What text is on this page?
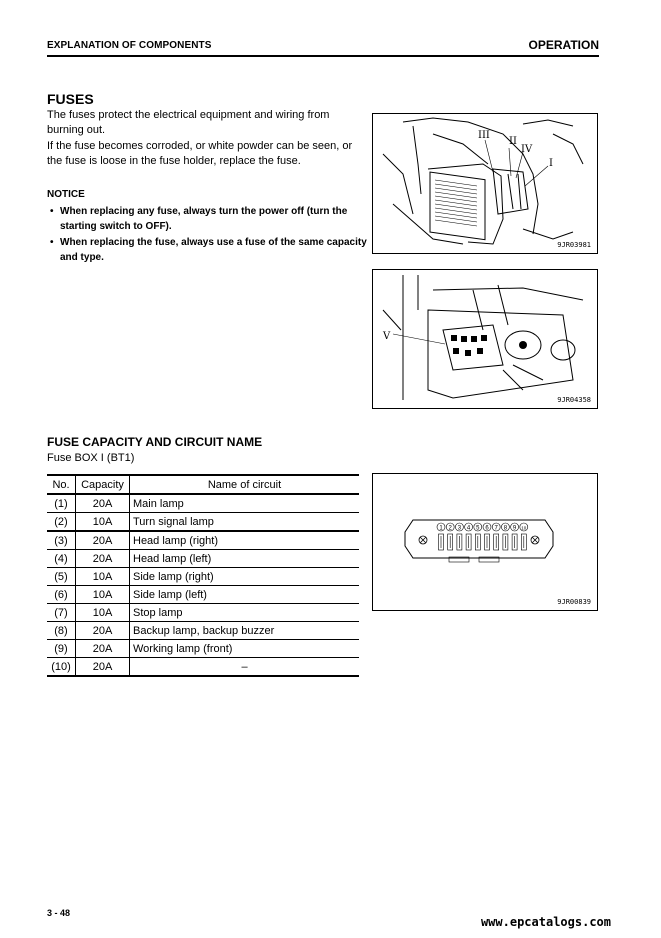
EXPLANATION OF COMPONENTS	OPERATION
FUSES
The fuses protect the electrical equipment and wiring from burning out.
If the fuse becomes corroded, or white powder can be seen, or the fuse is loose in the fuse holder, replace the fuse.
NOTICE
• When replacing any fuse, always turn the power off (turn the starting switch to OFF).
• When replacing the fuse, always use a fuse of the same capacity and type.
III
II
IV
I
9JR03981
V
9JR04358
FUSE CAPACITY AND CIRCUIT NAME
Fuse BOX I (BT1)
No.	Capacity	Name of circuit
(1)	20A	Main lamp
(2)	10A	Turn signal lamp
(3)	20A	Head lamp (right)
(4)	20A	Head lamp (left)
(5)	10A	Side lamp (right)
(6)	10A	Side lamp (left)
(7)	10A	Stop lamp
(8)	20A	Backup lamp, backup buzzer
(9)	20A	Working lamp (front)
(10)	20A	–
1 2 3 4 5 6 7 8 9 10
9JR00839
3 - 48
www.epcatalogs.com
